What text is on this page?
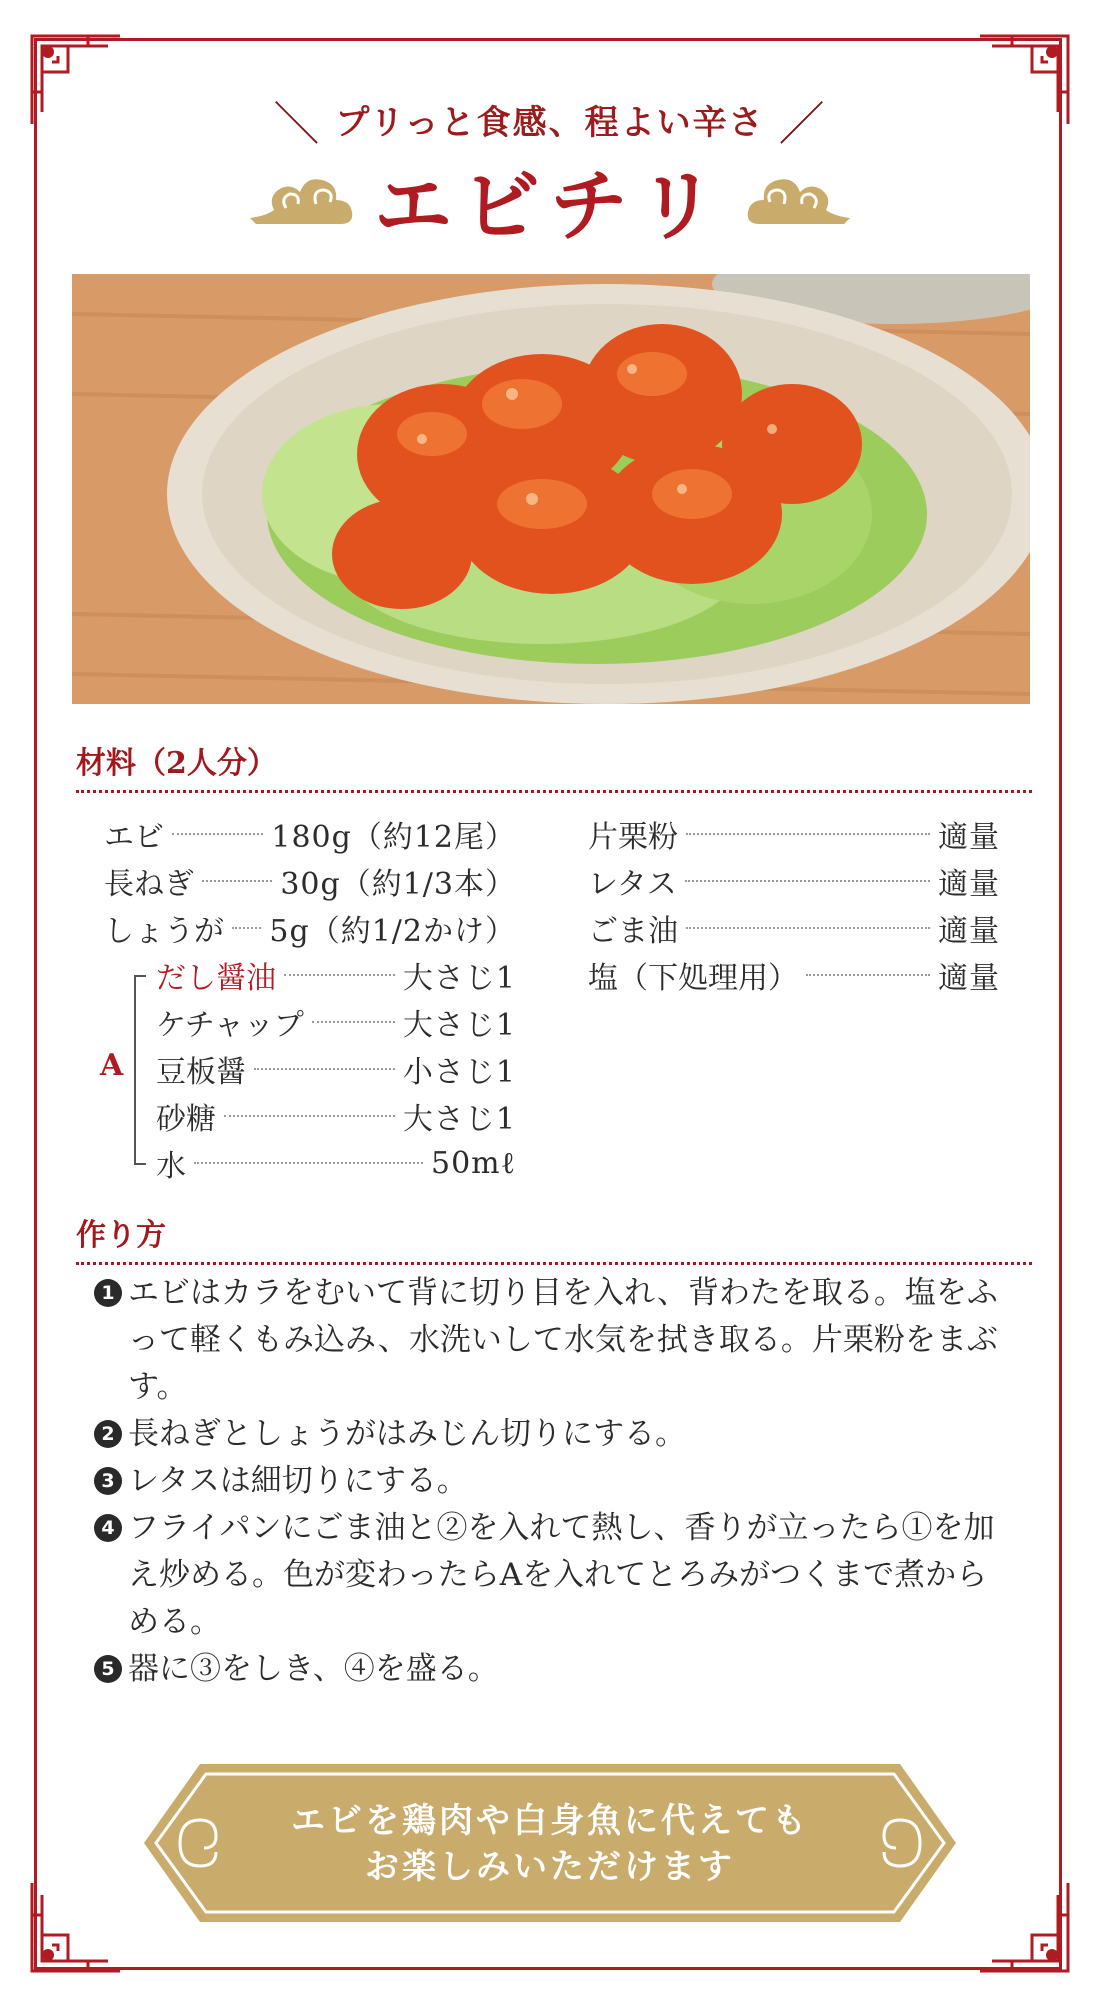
＼ プリっと食感、程よい辛さ ／
エビチリ
材料（2人分）
エビ	180g（約12尾）
長ねぎ	30g（約1/3本）
しょうが 5g（約1/2かけ）
A
だし醤油	大さじ1
ケチャップ	大さじ1
豆板醤	小さじ1
砂糖	大さじ1
水	50mℓ
片栗粉	適量
レタス	適量
ごま油	適量
塩（下処理用）	適量
作り方
1 エビはカラをむいて背に切り目を入れ、背わたを取る。塩をふって軽くもみ込み、水洗いして水気を拭き取る。片栗粉をまぶす。
2 長ねぎとしょうがはみじん切りにする。
3 レタスは細切りにする。
4 フライパンにごま油と②を入れて熱し、香りが立ったら①を加え炒める。色が変わったらAを入れてとろみがつくまで煮からめる。
5 器に③をしき、④を盛る。
エビを鶏肉や白身魚に代えても
お楽しみいただけます
